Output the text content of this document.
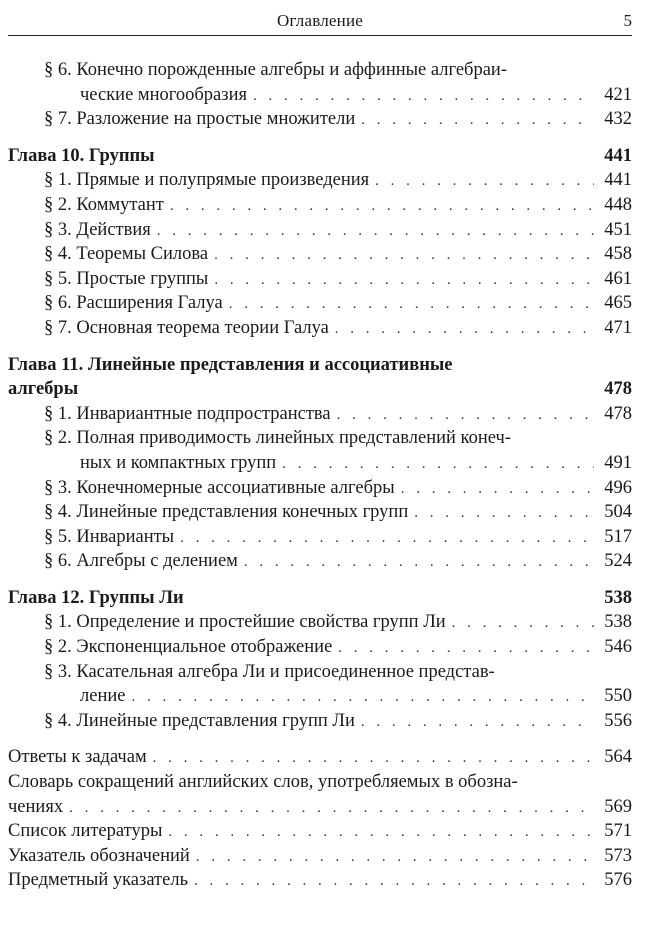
Оглавление	5
§ 6. Конечно порожденные алгебры и аффинные алгебраи-
ческие многообразия . . .	421
§ 7. Разложение на простые множители . . .	432
Глава 10. Группы	441
§ 1. Прямые и полупрямые произведения . . .	441
§ 2. Коммутант . . .	448
§ 3. Действия . . .	451
§ 4. Теоремы Силова . . .	458
§ 5. Простые группы . . .	461
§ 6. Расширения Галуа . . .	465
§ 7. Основная теорема теории Галуа . . .	471
Глава 11. Линейные представления и ассоциативные
алгебры	478
§ 1. Инвариантные подпространства . . .	478
§ 2. Полная приводимость линейных представлений конеч-
ных и компактных групп . . .	491
§ 3. Конечномерные ассоциативные алгебры . . .	496
§ 4. Линейные представления конечных групп . . .	504
§ 5. Инварианты . . .	517
§ 6. Алгебры с делением . . .	524
Глава 12. Группы Ли	538
§ 1. Определение и простейшие свойства групп Ли . . .	538
§ 2. Экспоненциальное отображение . . .	546
§ 3. Касательная алгебра Ли и присоединенное представ-
ление . . .	550
§ 4. Линейные представления групп Ли . . .	556
Ответы к задачам . . .	564
Словарь сокращений английских слов, употребляемых в обозна-
чениях . . .	569
Список литературы . . .	571
Указатель обозначений . . .	573
Предметный указатель . . .	576
